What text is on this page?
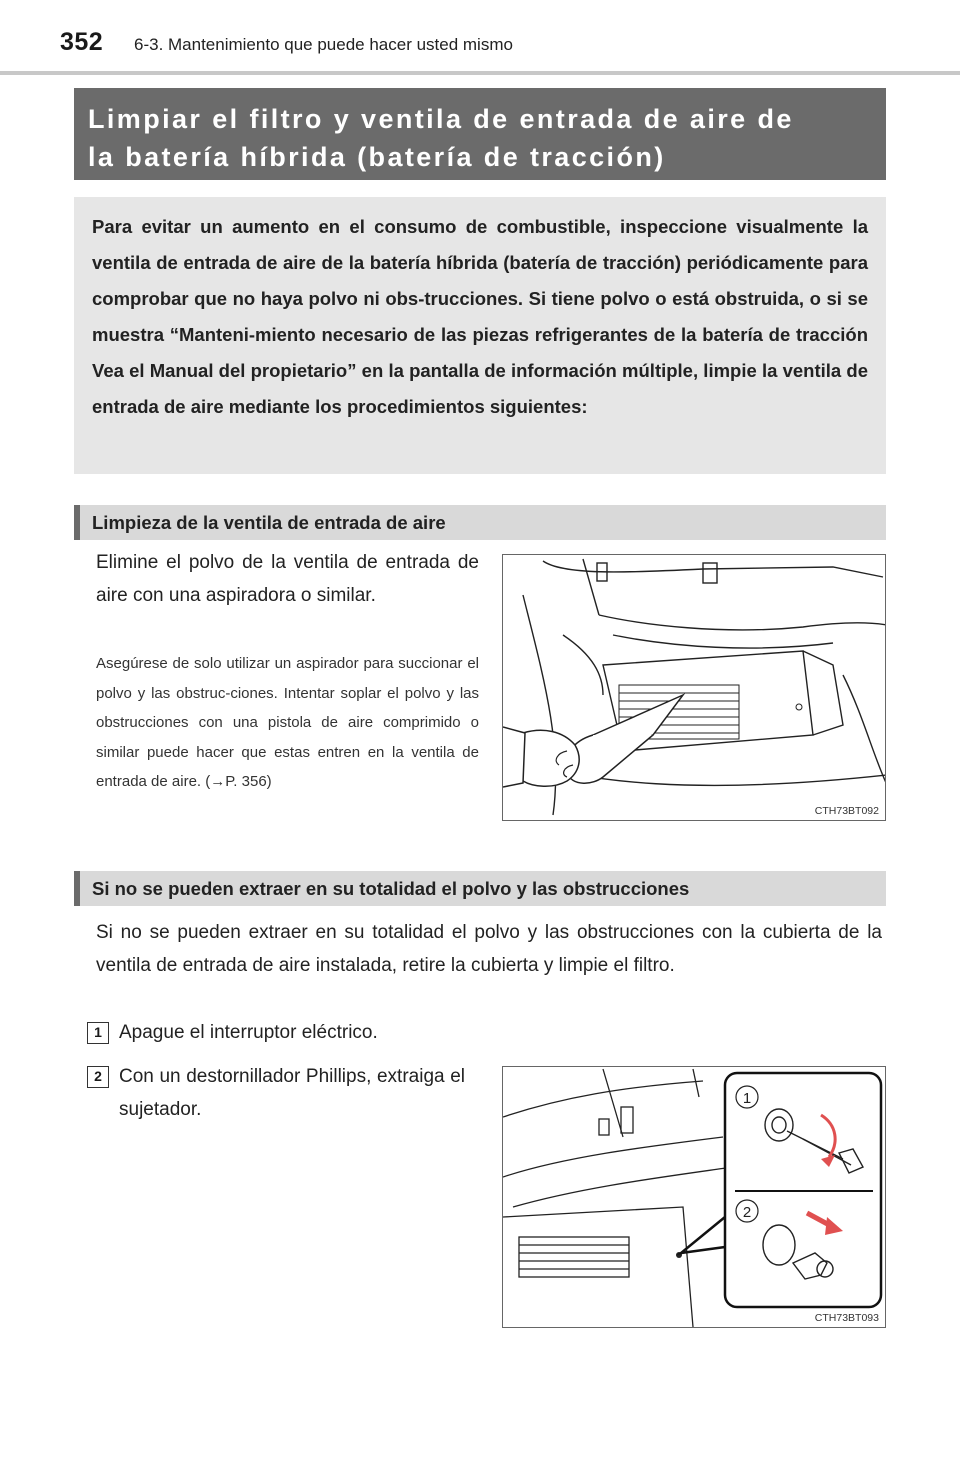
352 6-3. Mantenimiento que puede hacer usted mismo
Limpiar el filtro y ventila de entrada de aire de
la batería híbrida (batería de tracción)
Para evitar un aumento en el consumo de combustible, inspeccione visualmente la ventila de entrada de aire de la batería híbrida (batería de tracción) periódicamente para comprobar que no haya polvo ni obs-trucciones. Si tiene polvo o está obstruida, o si se muestra “Manteni-miento necesario de las piezas refrigerantes de la batería de tracción Vea el Manual del propietario” en la pantalla de información múltiple, limpie la ventila de entrada de aire mediante los procedimientos siguientes:
Limpieza de la ventila de entrada de aire
Elimine el polvo de la ventila de entrada de aire con una aspiradora o similar.
Asegúrese de solo utilizar un aspirador para succionar el polvo y las obstruc-ciones. Intentar soplar el polvo y las obstrucciones con una pistola de aire comprimido o similar puede hacer que estas entren en la ventila de entrada de aire. (→P. 356)
CTH73BT092
Si no se pueden extraer en su totalidad el polvo y las obstrucciones
Si no se pueden extraer en su totalidad el polvo y las obstrucciones con la cubierta de la ventila de entrada de aire instalada, retire la cubierta y limpie el filtro.
1 Apague el interruptor eléctrico.
2 Con un destornillador Phillips, extraiga el sujetador.
1
2
CTH73BT093
